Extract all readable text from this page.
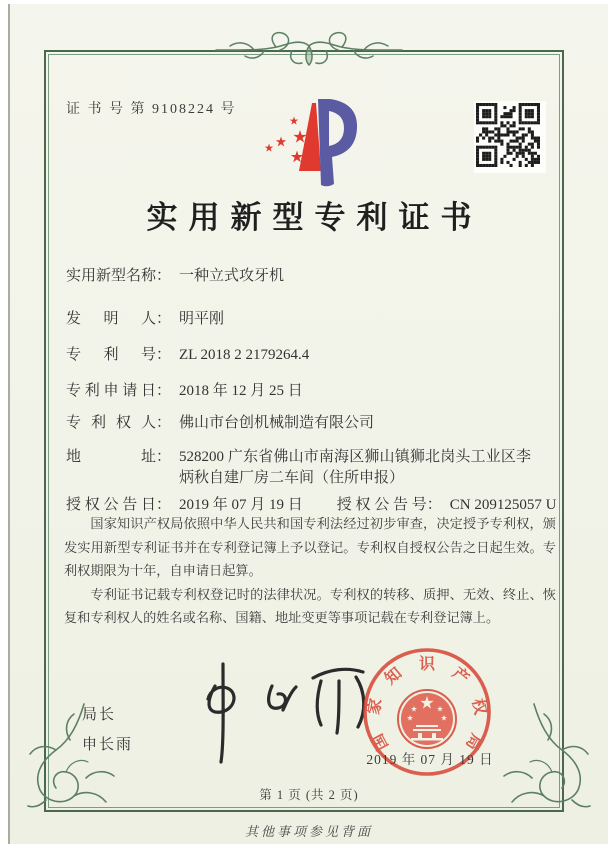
证 书 号 第 9108224 号
实用新型专利证书
实用新型名称： 一种立式攻牙机
发明人： 明平刚
专利号： ZL 2018 2 2179264.4
专利申请日： 2018 年 12 月 25 日
专利权人： 佛山市台创机械制造有限公司
地址： 528200 广东省佛山市南海区狮山镇狮北岗头工业区李炳秋自建厂房二车间（住所申报）
授权公告日： 2019 年 07 月 19 日 授权公告号： CN 209125057 U

国家知识产权局依照中华人民共和国专利法经过初步审查，决定授予专利权，颁发实用新型专利证书并在专利登记簿上予以登记。专利权自授权公告之日起生效。专利权期限为十年，自申请日起算。

专利证书记载专利权登记时的法律状况。专利权的转移、质押、无效、终止、恢复和专利权人的姓名或名称、国籍、地址变更等事项记载在专利登记簿上。

局长
申长雨	国
家
知
识
产
权
局
2019 年 07 月 19 日
第 1 页 (共 2 页)
其他事项参见背面
